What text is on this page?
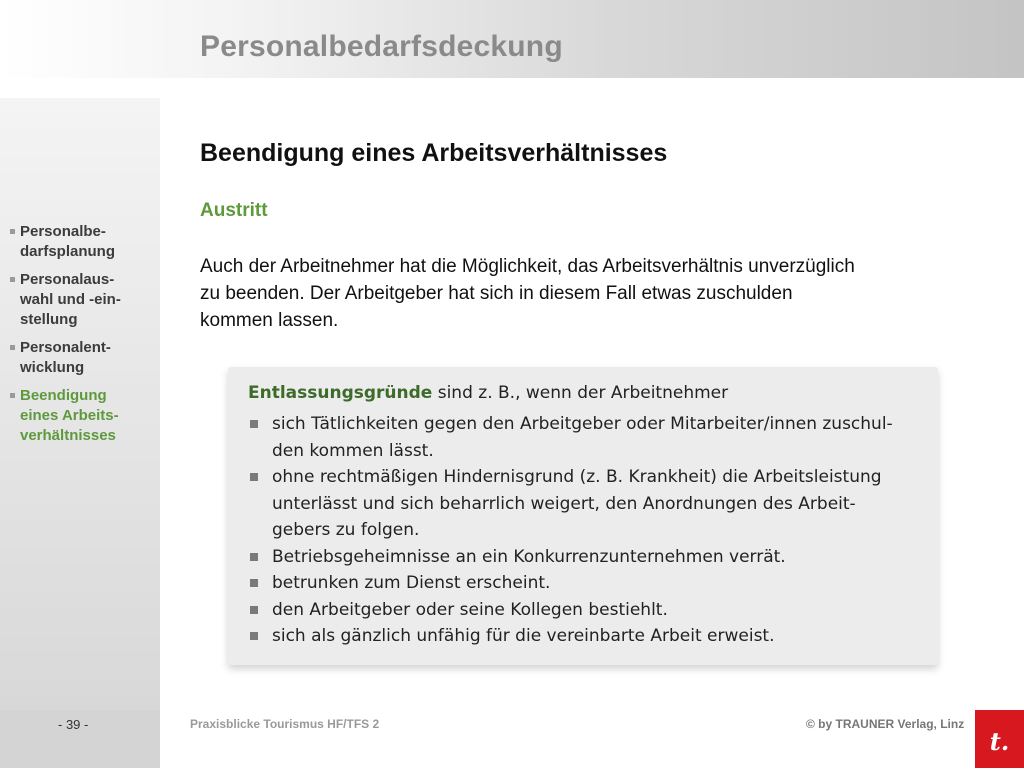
Personalbedarfsdeckung
Personalbe-
darfsplanung
Personalaus-
wahl und -ein-
stellung
Personalent-
wicklung
Beendigung
eines Arbeits-
verhältnisses
Beendigung eines Arbeitsverhältnisses
Austritt
Auch der Arbeitnehmer hat die Möglichkeit, das Arbeitsverhältnis unverzüglich
zu beenden. Der Arbeitgeber hat sich in diesem Fall etwas zuschulden
kommen lassen.
Entlassungsgründe sind z. B., wenn der Arbeitnehmer
sich Tätlichkeiten gegen den Arbeitgeber oder Mitarbeiter/innen zuschul-
den kommen lässt.
ohne rechtmäßigen Hindernisgrund (z. B. Krankheit) die Arbeitsleistung
unterlässt und sich beharrlich weigert, den Anordnungen des Arbeit-
gebers zu folgen.
Betriebsgeheimnisse an ein Konkurrenzunternehmen verrät.
betrunken zum Dienst erscheint.
den Arbeitgeber oder seine Kollegen bestiehlt.
sich als gänzlich unfähig für die vereinbarte Arbeit erweist.
- 39 -	Praxisblicke Tourismus HF/TFS 2	© by TRAUNER Verlag, Linz
t.
